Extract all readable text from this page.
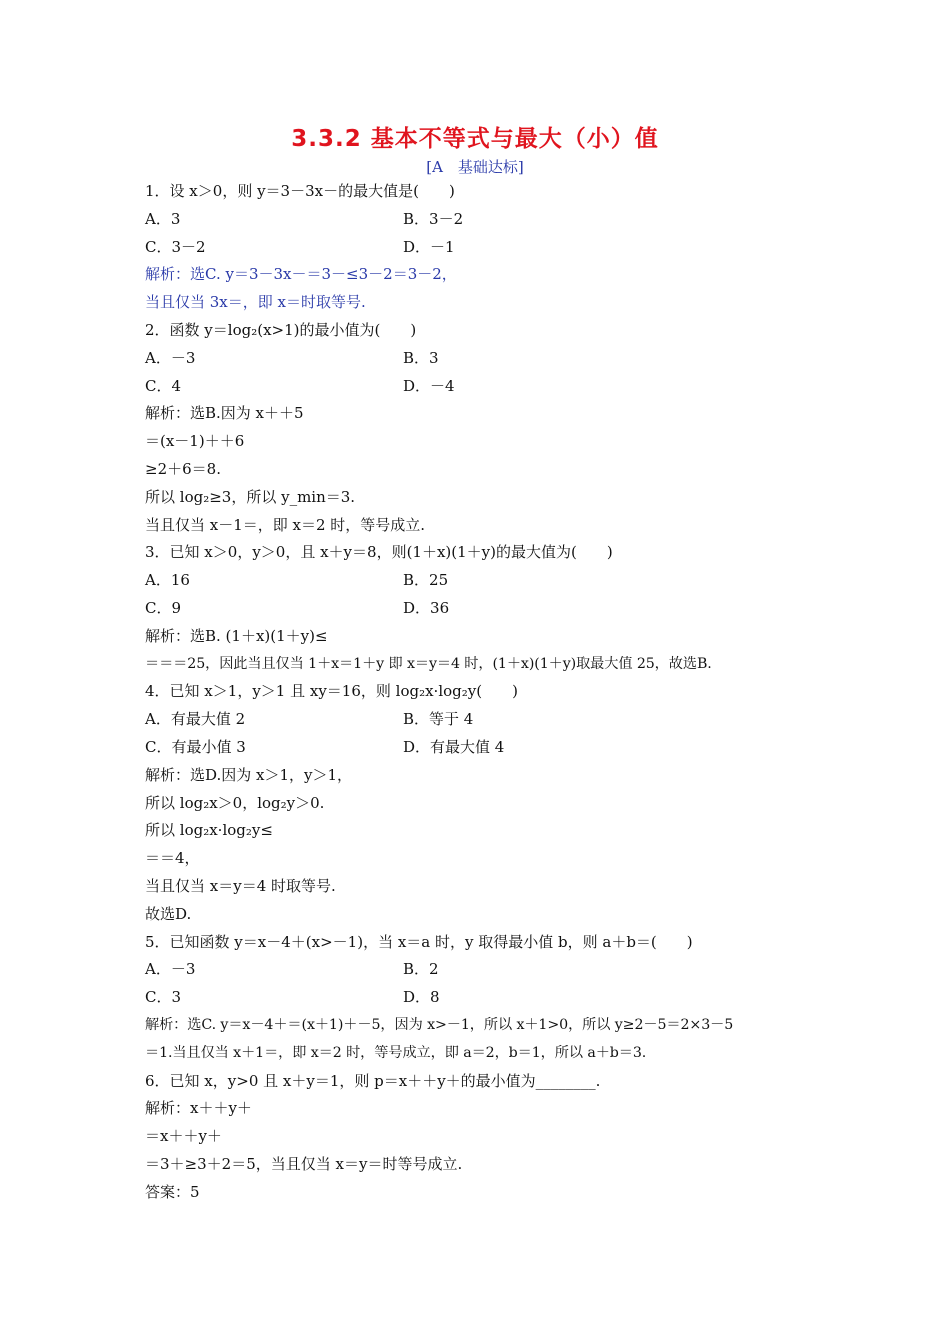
3.3.2 基本不等式与最大（小）值
[A　基础达标]
1．设 x＞0，则 y＝3－3x－的最大值是(　　)
A．3	B．3－2
C．3－2	D．－1
解析：选C. y＝3－3x－＝3－≤3－2＝3－2，
当且仅当 3x＝，即 x＝时取等号.
2．函数 y＝log₂(x>1)的最小值为(　　)
A．－3	B．3
C．4	D．－4
解析：选B.因为 x＋＋5
＝(x－1)＋＋6
≥2＋6＝8.
所以 log₂≥3，所以 y_min＝3.
当且仅当 x－1＝，即 x＝2 时，等号成立.
3．已知 x＞0，y＞0，且 x＋y＝8，则(1＋x)(1＋y)的最大值为(　　)
A．16	B．25
C．9	D．36
解析：选B. (1＋x)(1＋y)≤
＝＝＝25，因此当且仅当 1＋x＝1＋y 即 x＝y＝4 时，(1＋x)(1＋y)取最大值 25，故选B.
4．已知 x＞1，y＞1 且 xy＝16，则 log₂x·log₂y(　　)
A．有最大值 2	B．等于 4
C．有最小值 3	D．有最大值 4
解析：选D.因为 x＞1，y＞1，
所以 log₂x＞0，log₂y＞0.
所以 log₂x·log₂y≤
＝＝4，
当且仅当 x＝y＝4 时取等号.
故选D.
5．已知函数 y＝x－4＋(x>－1)，当 x＝a 时，y 取得最小值 b，则 a＋b＝(　　)
A．－3	B．2
C．3	D．8
解析：选C. y＝x－4＋＝(x＋1)＋－5，因为 x>－1，所以 x＋1>0，所以 y≥2－5＝2×3－5
＝1.当且仅当 x＋1＝，即 x＝2 时，等号成立，即 a＝2，b＝1，所以 a＋b＝3.
6．已知 x，y>0 且 x＋y＝1，则 p＝x＋＋y＋的最小值为________.
解析：x＋＋y＋
＝x＋＋y＋
＝3＋≥3＋2＝5，当且仅当 x＝y＝时等号成立.
答案：5
